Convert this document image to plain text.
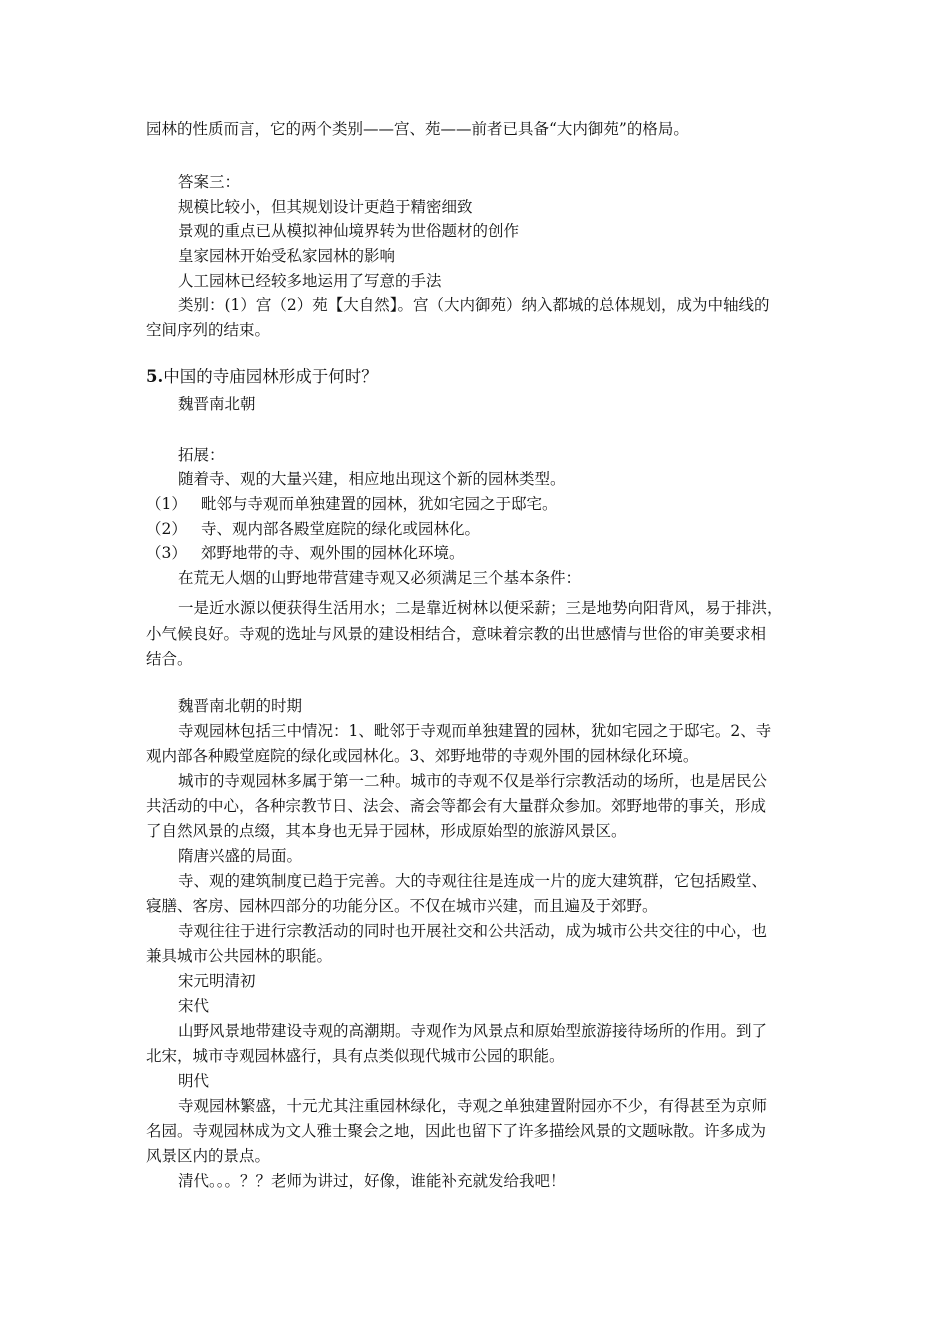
园林的性质而言，它的两个类别——宫、苑——前者已具备“大内御苑”的格局。
答案三：
规模比较小，但其规划设计更趋于精密细致
景观的重点已从模拟神仙境界转为世俗题材的创作
皇家园林开始受私家园林的影响
人工园林已经较多地运用了写意的手法
类别：(1）宫（2）苑【大自然】。宫（大内御苑）纳入都城的总体规划，成为中轴线的
空间序列的结束。
5.中国的寺庙园林形成于何时？
魏晋南北朝
拓展：
随着寺、观的大量兴建，相应地出现这个新的园林类型。
（1） 毗邻与寺观而单独建置的园林，犹如宅园之于邸宅。
（2） 寺、观内部各殿堂庭院的绿化或园林化。
（3） 郊野地带的寺、观外围的园林化环境。
在荒无人烟的山野地带营建寺观又必须满足三个基本条件：
一是近水源以便获得生活用水；二是靠近树林以便采薪；三是地势向阳背风，易于排洪，
小气候良好。寺观的选址与风景的建设相结合，意味着宗教的出世感情与世俗的审美要求相
结合。
魏晋南北朝的时期
寺观园林包括三中情况：1、毗邻于寺观而单独建置的园林，犹如宅园之于邸宅。2、寺
观内部各种殿堂庭院的绿化或园林化。3、郊野地带的寺观外围的园林绿化环境。
城市的寺观园林多属于第一二种。城市的寺观不仅是举行宗教活动的场所，也是居民公
共活动的中心，各种宗教节日、法会、斋会等都会有大量群众参加。郊野地带的事关，形成
了自然风景的点缀，其本身也无异于园林，形成原始型的旅游风景区。
隋唐兴盛的局面。
寺、观的建筑制度已趋于完善。大的寺观往往是连成一片的庞大建筑群，它包括殿堂、
寝膳、客房、园林四部分的功能分区。不仅在城市兴建，而且遍及于郊野。
寺观往往于进行宗教活动的同时也开展社交和公共活动，成为城市公共交往的中心，也
兼具城市公共园林的职能。
宋元明清初
宋代
山野风景地带建设寺观的高潮期。寺观作为风景点和原始型旅游接待场所的作用。到了
北宋，城市寺观园林盛行，具有点类似现代城市公园的职能。
明代
寺观园林繁盛，十元尤其注重园林绿化，寺观之单独建置附园亦不少，有得甚至为京师
名园。寺观园林成为文人雅士聚会之地，因此也留下了许多描绘风景的文题咏散。许多成为
风景区内的景点。
清代。。。？？老师为讲过，好像，谁能补充就发给我吧！
